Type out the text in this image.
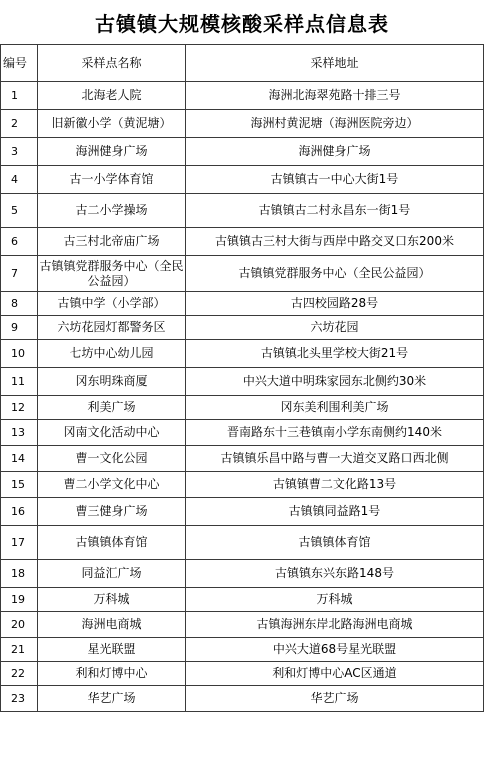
古镇镇大规模核酸采样点信息表
编号	采样点名称	采样地址
1	北海老人院	海洲北海翠苑路十排三号
2	旧新徽小学（黄泥塘）	海洲村黄泥塘（海洲医院旁边）
3	海洲健身广场	海洲健身广场
4	古一小学体育馆	古镇镇古一中心大街1号
5	古二小学操场	古镇镇古二村永昌东一街1号
6	古三村北帝庙广场	古镇镇古三村大街与西岸中路交叉口东200米
7	古镇镇党群服务中心（全民公益园）	古镇镇党群服务中心（全民公益园）
8	古镇中学（小学部）	古四校园路28号
9	六坊花园灯都警务区	六坊花园
10	七坊中心幼儿园	古镇镇北头里学校大街21号
11	冈东明珠商厦	中兴大道中明珠家园东北侧约30米
12	利美广场	冈东美利围利美广场
13	冈南文化活动中心	晋南路东十三巷镇南小学东南侧约140米
14	曹一文化公园	古镇镇乐昌中路与曹一大道交叉路口西北侧
15	曹二小学文化中心	古镇镇曹二文化路13号
16	曹三健身广场	古镇镇同益路1号
17	古镇镇体育馆	古镇镇体育馆
18	同益汇广场	古镇镇东兴东路148号
19	万科城	万科城
20	海洲电商城	古镇海洲东岸北路海洲电商城
21	星光联盟	中兴大道68号星光联盟
22	利和灯博中心	利和灯博中心AC区通道
23	华艺广场	华艺广场
